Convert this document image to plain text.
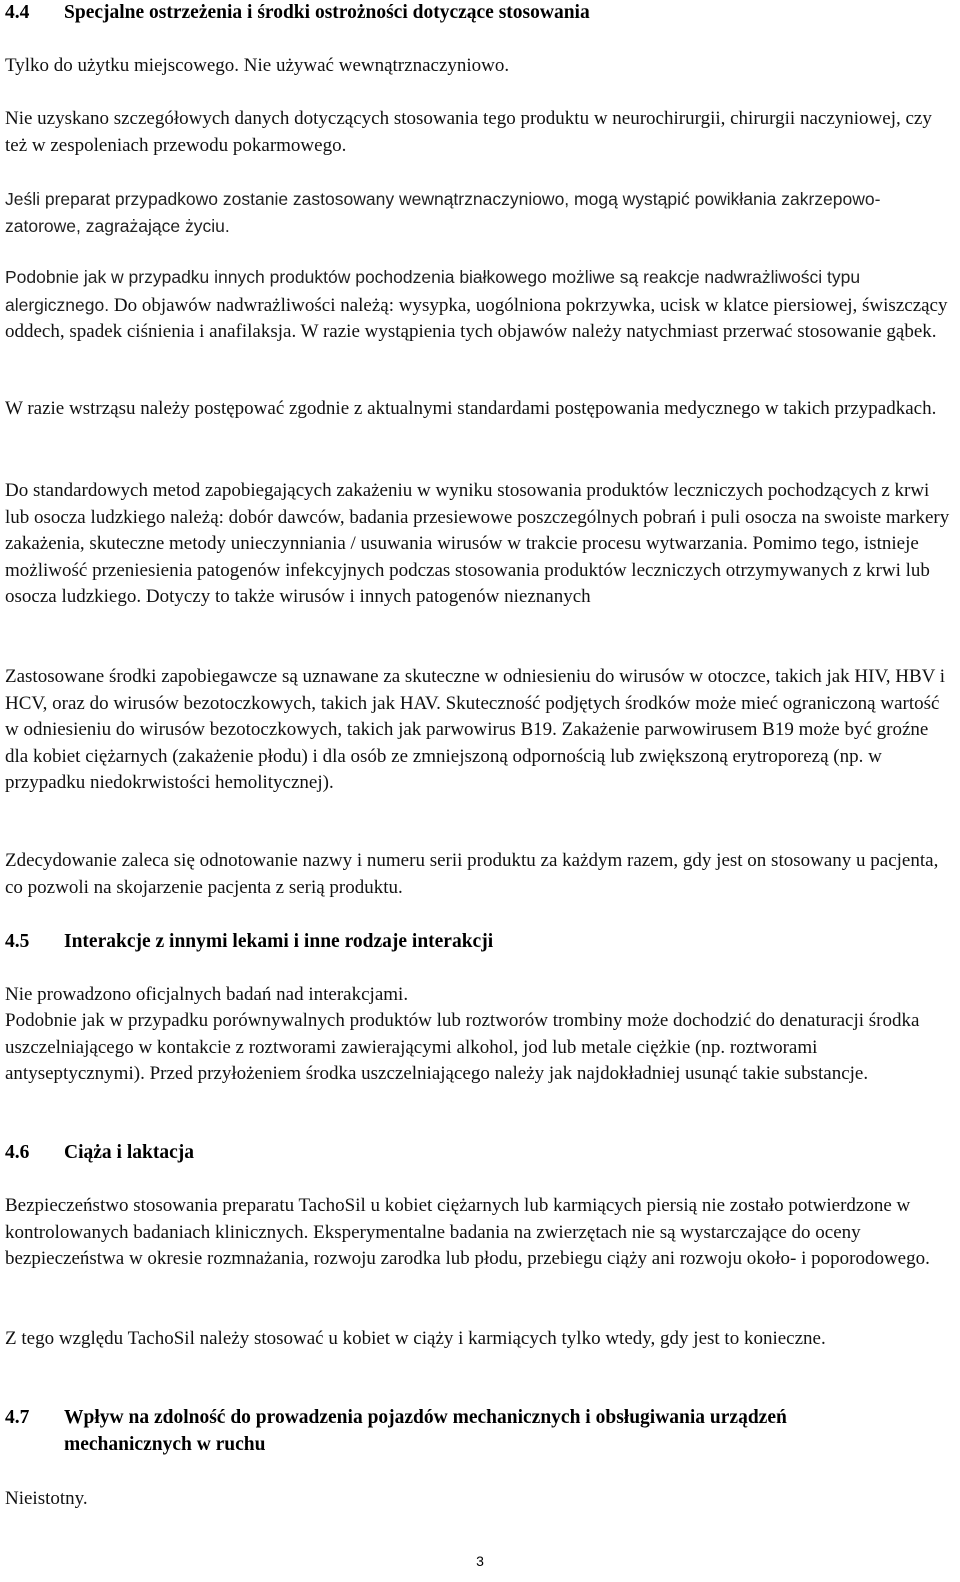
4.4 Specjalne ostrzeżenia i środki ostrożności dotyczące stosowania

Tylko do użytku miejscowego. Nie używać wewnątrznaczyniowo.

Nie uzyskano szczegółowych danych dotyczących stosowania tego produktu w neurochirurgii, chirurgii naczyniowej, czy też w zespoleniach przewodu pokarmowego.

Jeśli preparat przypadkowo zostanie zastosowany wewnątrznaczyniowo, mogą wystąpić powikłania zakrzepowo-zatorowe, zagrażające życiu.

Podobnie jak w przypadku innych produktów pochodzenia białkowego możliwe są reakcje nadwrażliwości typu alergicznego. Do objawów nadwrażliwości należą: wysypka, uogólniona pokrzywka, ucisk w klatce piersiowej, świszczący oddech, spadek ciśnienia i anafilaksja. W razie wystąpienia tych objawów należy natychmiast przerwać stosowanie gąbek.

W razie wstrząsu należy postępować zgodnie z aktualnymi standardami postępowania medycznego w takich przypadkach.

Do standardowych metod zapobiegających zakażeniu w wyniku stosowania produktów leczniczych pochodzących z krwi lub osocza ludzkiego należą: dobór dawców, badania przesiewowe poszczególnych pobrań i puli osocza na swoiste markery zakażenia, skuteczne metody unieczynniania / usuwania wirusów w trakcie procesu wytwarzania. Pomimo tego, istnieje możliwość przeniesienia patogenów infekcyjnych podczas stosowania produktów leczniczych otrzymywanych z krwi lub osocza ludzkiego. Dotyczy to także wirusów i innych patogenów nieznanych

Zastosowane środki zapobiegawcze są uznawane za skuteczne w odniesieniu do wirusów w otoczce, takich jak HIV, HBV i HCV, oraz do wirusów bezotoczkowych, takich jak HAV. Skuteczność podjętych środków może mieć ograniczoną wartość w odniesieniu do wirusów bezotoczkowych, takich jak parwowirus B19. Zakażenie parwowirusem B19 może być groźne dla kobiet ciężarnych (zakażenie płodu) i dla osób ze zmniejszoną odpornością lub zwiększoną erytroporezą (np. w przypadku niedokrwistości hemolitycznej).

Zdecydowanie zaleca się odnotowanie nazwy i numeru serii produktu za każdym razem, gdy jest on stosowany u pacjenta, co pozwoli na skojarzenie pacjenta z serią produktu.

4.5 Interakcje z innymi lekami i inne rodzaje interakcji

Nie prowadzono oficjalnych badań nad interakcjami.

Podobnie jak w przypadku porównywalnych produktów lub roztworów trombiny może dochodzić do denaturacji środka uszczelniającego w kontakcie z roztworami zawierającymi alkohol, jod lub metale ciężkie (np. roztworami antyseptycznymi). Przed przyłożeniem środka uszczelniającego należy jak najdokładniej usunąć takie substancje.

4.6 Ciąża i laktacja

Bezpieczeństwo stosowania preparatu TachoSil u kobiet ciężarnych lub karmiących piersią nie zostało potwierdzone w kontrolowanych badaniach klinicznych. Eksperymentalne badania na zwierzętach nie są wystarczające do oceny bezpieczeństwa w okresie rozmnażania, rozwoju zarodka lub płodu, przebiegu ciąży ani rozwoju około- i poporodowego.

Z tego względu TachoSil należy stosować u kobiet w ciąży i karmiących tylko wtedy, gdy jest to konieczne.

4.7 Wpływ na zdolność do prowadzenia pojazdów mechanicznych i obsługiwania urządzeń
mechanicznych w ruchu

Nieistotny.

3
